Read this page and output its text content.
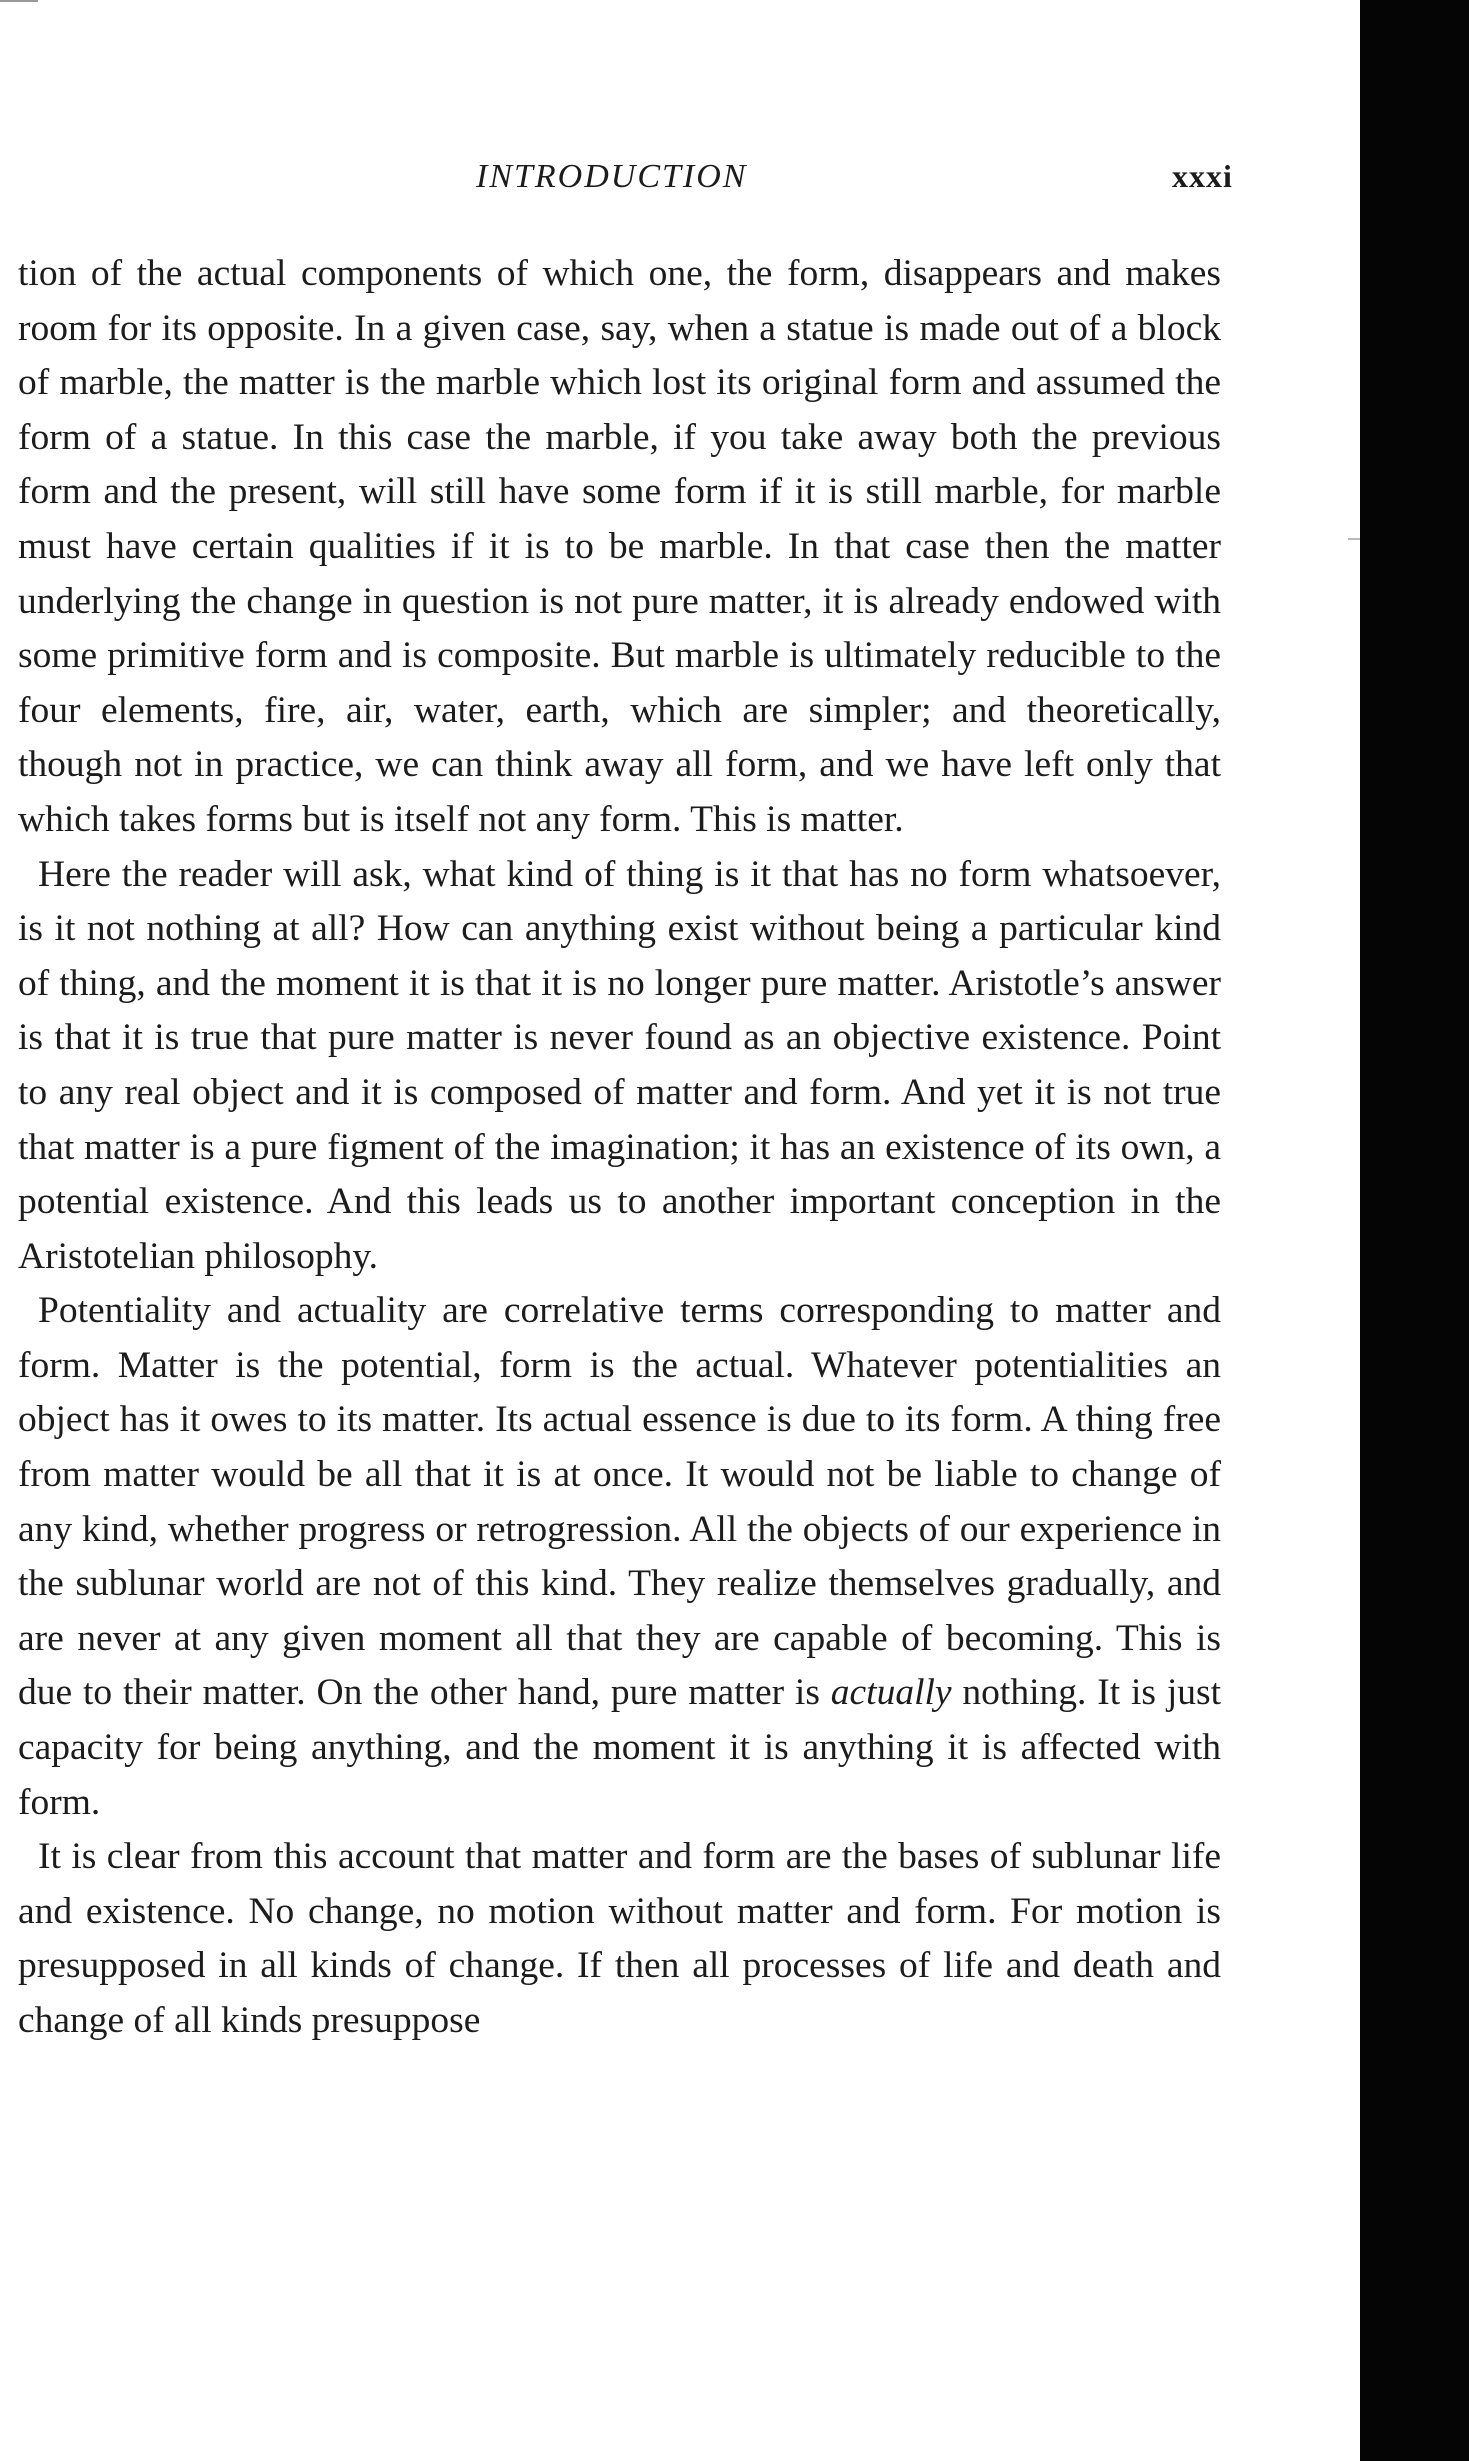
INTRODUCTION	xxxi

tion of the actual components of which one, the form, disappears and makes room for its opposite. In a given case, say, when a statue is made out of a block of marble, the matter is the marble which lost its original form and assumed the form of a statue. In this case the marble, if you take away both the previous form and the present, will still have some form if it is still marble, for marble must have certain qualities if it is to be marble. In that case then the matter underlying the change in question is not pure matter, it is already endowed with some primitive form and is composite. But marble is ultimately reducible to the four elements, fire, air, water, earth, which are simpler; and theoretically, though not in practice, we can think away all form, and we have left only that which takes forms but is itself not any form. This is matter.

Here the reader will ask, what kind of thing is it that has no form whatsoever, is it not nothing at all? How can anything exist without being a particular kind of thing, and the moment it is that it is no longer pure matter. Aristotle’s answer is that it is true that pure matter is never found as an objective existence. Point to any real object and it is composed of matter and form. And yet it is not true that matter is a pure figment of the imagination; it has an existence of its own, a potential existence. And this leads us to another important conception in the Aristotelian philosophy.

Potentiality and actuality are correlative terms corresponding to matter and form. Matter is the potential, form is the actual. Whatever potentialities an object has it owes to its matter. Its actual essence is due to its form. A thing free from matter would be all that it is at once. It would not be liable to change of any kind, whether progress or retrogression. All the objects of our experience in the sublunar world are not of this kind. They realize themselves gradually, and are never at any given moment all that they are capable of becoming. This is due to their matter. On the other hand, pure matter is actually nothing. It is just capacity for being anything, and the moment it is anything it is affected with form.

It is clear from this account that matter and form are the bases of sublunar life and existence. No change, no motion without matter and form. For motion is presupposed in all kinds of change. If then all processes of life and death and change of all kinds presuppose
